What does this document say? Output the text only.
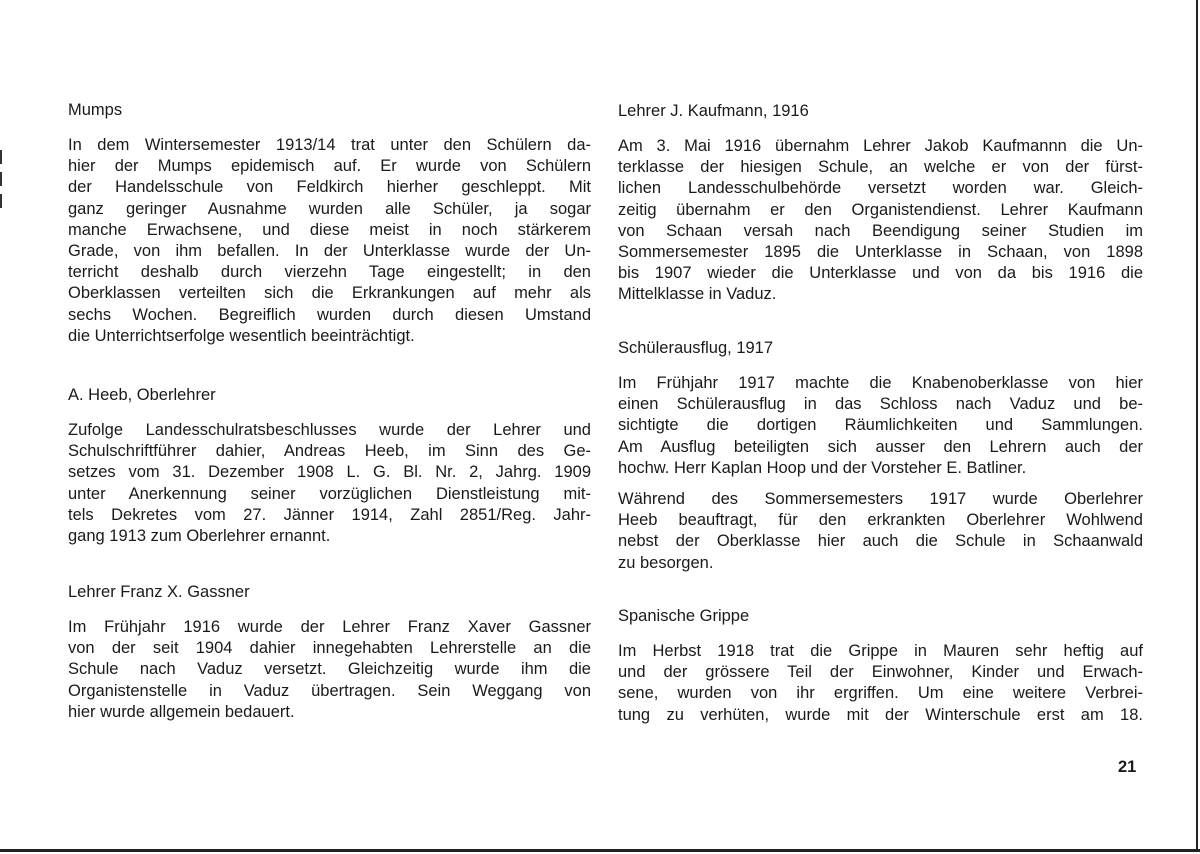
Mumps
In dem Wintersemester 1913/14 trat unter den Schülern da-
hier der Mumps epidemisch auf. Er wurde von Schülern
der Handelsschule von Feldkirch hierher geschleppt. Mit
ganz geringer Ausnahme wurden alle Schüler, ja sogar
manche Erwachsene, und diese meist in noch stärkerem
Grade, von ihm befallen. In der Unterklasse wurde der Un-
terricht deshalb durch vierzehn Tage eingestellt; in den
Oberklassen verteilten sich die Erkrankungen auf mehr als
sechs Wochen. Begreiflich wurden durch diesen Umstand
die Unterrichtserfolge wesentlich beeinträchtigt.
A. Heeb, Oberlehrer
Zufolge Landesschulratsbeschlusses wurde der Lehrer und
Schulschriftführer dahier, Andreas Heeb, im Sinn des Ge-
setzes vom 31. Dezember 1908 L. G. Bl. Nr. 2, Jahrg. 1909
unter Anerkennung seiner vorzüglichen Dienstleistung mit-
tels Dekretes vom 27. Jänner 1914, Zahl 2851/Reg. Jahr-
gang 1913 zum Oberlehrer ernannt.
Lehrer Franz X. Gassner
Im Frühjahr 1916 wurde der Lehrer Franz Xaver Gassner
von der seit 1904 dahier innegehabten Lehrerstelle an die
Schule nach Vaduz versetzt. Gleichzeitig wurde ihm die
Organistenstelle in Vaduz übertragen. Sein Weggang von
hier wurde allgemein bedauert.
Lehrer J. Kaufmann, 1916
Am 3. Mai 1916 übernahm Lehrer Jakob Kaufmannn die Un-
terklasse der hiesigen Schule, an welche er von der fürst-
lichen Landesschulbehörde versetzt worden war. Gleich-
zeitig übernahm er den Organistendienst. Lehrer Kaufmann
von Schaan versah nach Beendigung seiner Studien im
Sommersemester 1895 die Unterklasse in Schaan, von 1898
bis 1907 wieder die Unterklasse und von da bis 1916 die
Mittelklasse in Vaduz.
Schülerausflug, 1917
Im Frühjahr 1917 machte die Knabenoberklasse von hier
einen Schülerausflug in das Schloss nach Vaduz und be-
sichtigte die dortigen Räumlichkeiten und Sammlungen.
Am Ausflug beteiligten sich ausser den Lehrern auch der
hochw. Herr Kaplan Hoop und der Vorsteher E. Batliner.
Während des Sommersemesters 1917 wurde Oberlehrer
Heeb beauftragt, für den erkrankten Oberlehrer Wohlwend
nebst der Oberklasse hier auch die Schule in Schaanwald
zu besorgen.
Spanische Grippe
Im Herbst 1918 trat die Grippe in Mauren sehr heftig auf
und der grössere Teil der Einwohner, Kinder und Erwach-
sene, wurden von ihr ergriffen. Um eine weitere Verbrei-
tung zu verhüten, wurde mit der Winterschule erst am 18.
21
